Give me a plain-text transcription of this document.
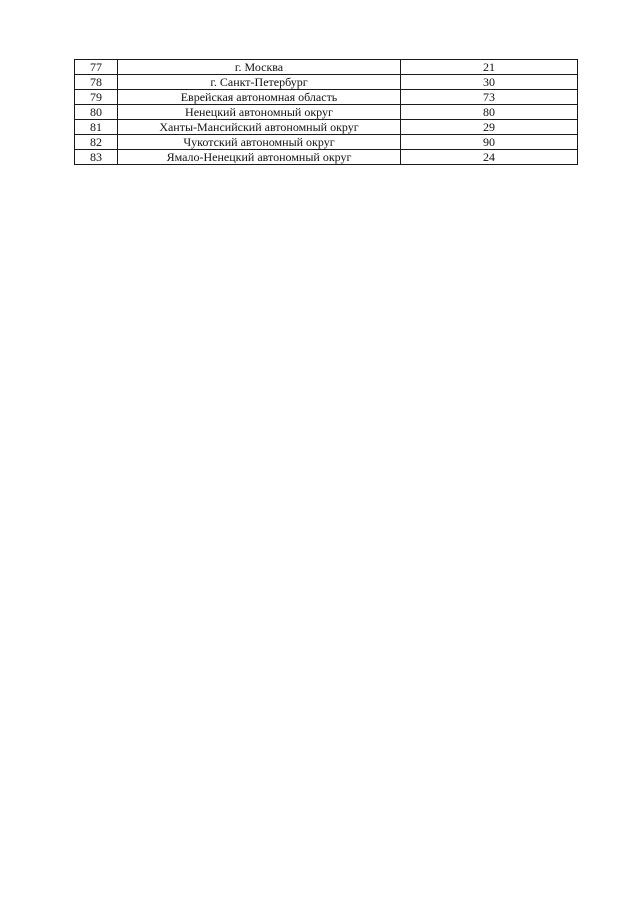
77	г. Москва	21
78	г. Санкт-Петербург	30
79	Еврейская автономная область	73
80	Ненецкий автономный округ	80
81	Ханты-Мансийский автономный округ	29
82	Чукотский автономный округ	90
83	Ямало-Ненецкий автономный округ	24
